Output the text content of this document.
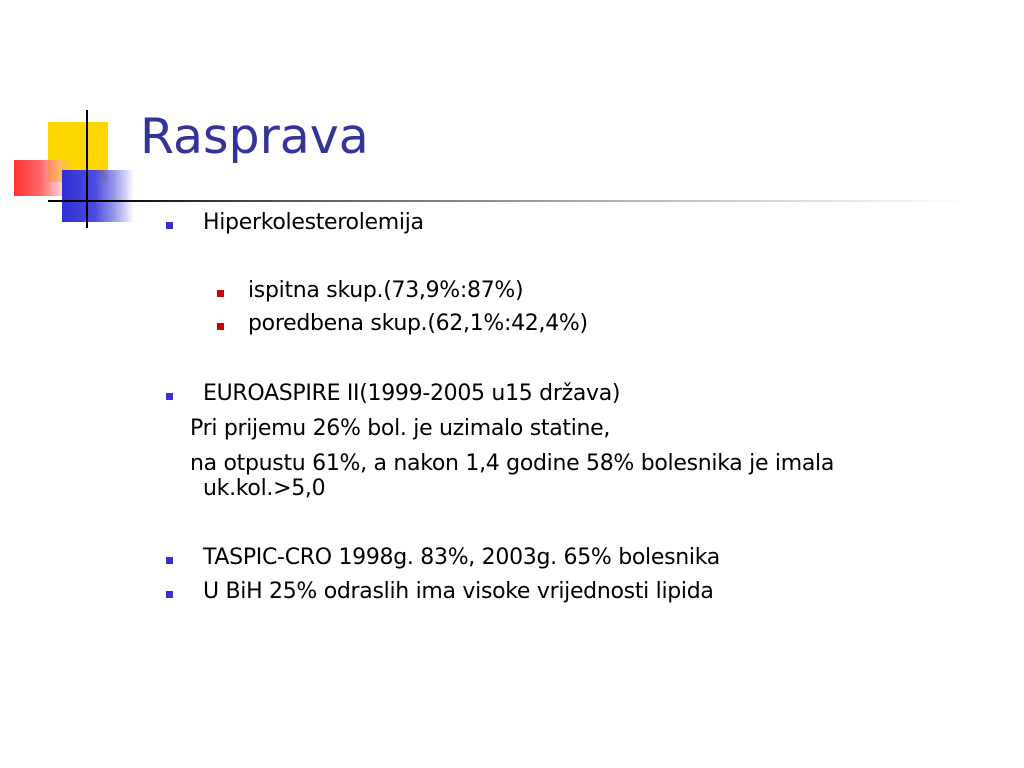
Rasprava
Hiperkolesterolemija
ispitna skup.(73,9%:87%)
poredbena skup.(62,1%:42,4%)
EUROASPIRE II(1999-2005 u15 država)
Pri prijemu 26% bol. je uzimalo statine,
na otpustu 61%, a nakon 1,4 godine 58% bolesnika je imala
uk.kol.>5,0
TASPIC-CRO 1998g. 83%, 2003g. 65% bolesnika
U BiH 25% odraslih ima visoke vrijednosti lipida
